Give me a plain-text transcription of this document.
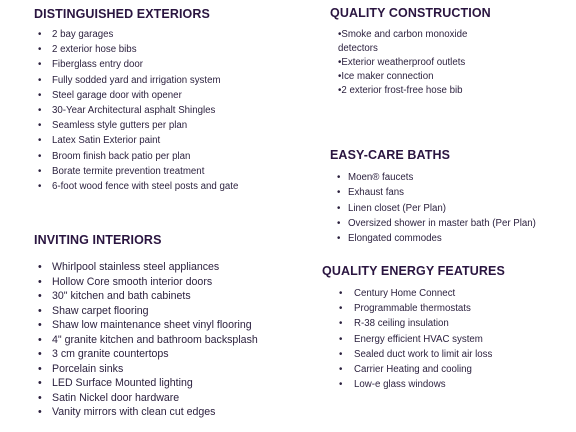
DISTINGUISHED EXTERIORS
• 2 bay garages
• 2 exterior hose bibs
• Fiberglass entry door
• Fully sodded yard and irrigation system
• Steel garage door with opener
• 30-Year Architectural asphalt Shingles
• Seamless style gutters per plan
• Latex Satin Exterior paint
• Broom finish back patio per plan
• Borate termite prevention treatment
• 6-foot wood fence with steel posts and gate
INVITING INTERIORS
• Whirlpool stainless steel appliances
• Hollow Core smooth interior doors
• 30" kitchen and bath cabinets
• Shaw carpet flooring
• Shaw low maintenance sheet vinyl flooring
• 4" granite kitchen and bathroom backsplash
• 3 cm granite countertops
• Porcelain sinks
• LED Surface Mounted lighting
• Satin Nickel door hardware
• Vanity mirrors with clean cut edges
QUALITY CONSTRUCTION
•Smoke and carbon monoxide
detectors
•Exterior weatherproof outlets
•Ice maker connection
•2 exterior frost-free hose bib
EASY-CARE BATHS
• Moen® faucets
• Exhaust fans
• Linen closet (Per Plan)
• Oversized shower in master bath (Per Plan)
• Elongated commodes
QUALITY ENERGY FEATURES
• Century Home Connect
• Programmable thermostats
• R-38 ceiling insulation
• Energy efficient HVAC system
• Sealed duct work to limit air loss
• Carrier Heating and cooling
• Low-e glass windows
